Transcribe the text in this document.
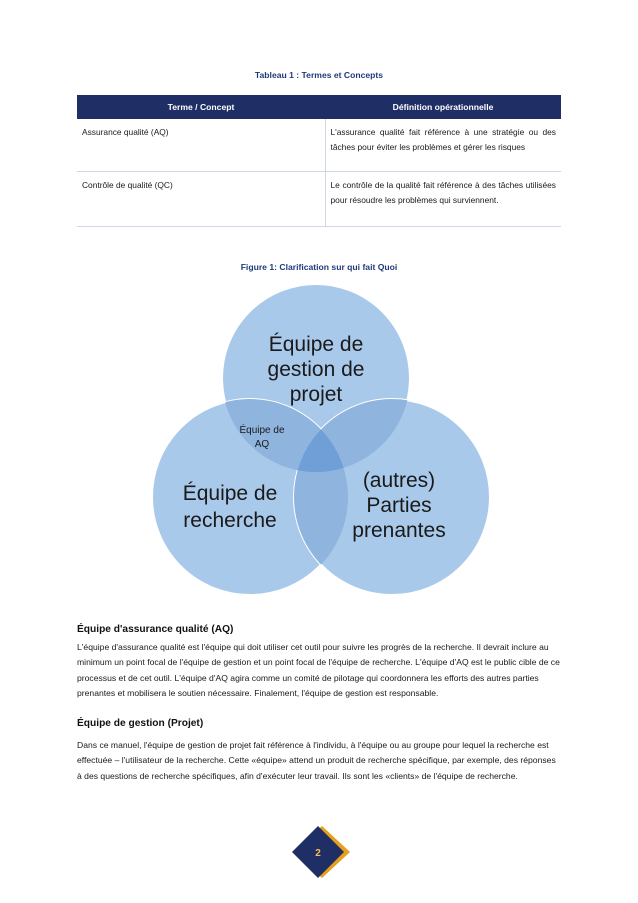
Tableau 1 : Termes et Concepts
Terme / Concept	Définition opérationnelle
Assurance qualité (AQ)	L'assurance qualité fait référence à une stratégie ou des tâches pour éviter les problèmes et gérer les risques
Contrôle de qualité (QC)	Le contrôle de la qualité fait référence à des tâches utilisées pour résoudre les problèmes qui surviennent.
Figure 1: Clarification sur qui fait Quoi
Équipe de
gestion de
projet
Équipe de
AQ
Équipe de
recherche
(autres)
Parties
prenantes
Équipe d'assurance qualité (AQ)
L'équipe d'assurance qualité est l'équipe qui doit utiliser cet outil pour suivre les progrès de la recherche. Il devrait inclure au minimum un point focal de l'équipe de gestion et un point focal de l'équipe de recherche. L'équipe d'AQ est le public cible de ce processus et de cet outil. L'équipe d'AQ agira comme un comité de pilotage qui coordonnera les efforts des autres parties prenantes et mobilisera le soutien nécessaire. Finalement, l'équipe de gestion est responsable.
Équipe de gestion (Projet)
Dans ce manuel, l'équipe de gestion de projet fait référence à l'individu, à l'équipe ou au groupe pour lequel la recherche est effectuée – l'utilisateur de la recherche. Cette «équipe» attend un produit de recherche spécifique, par exemple, des réponses à des questions de recherche spécifiques, afin d'exécuter leur travail. Ils sont les «clients» de l'équipe de recherche.
2
